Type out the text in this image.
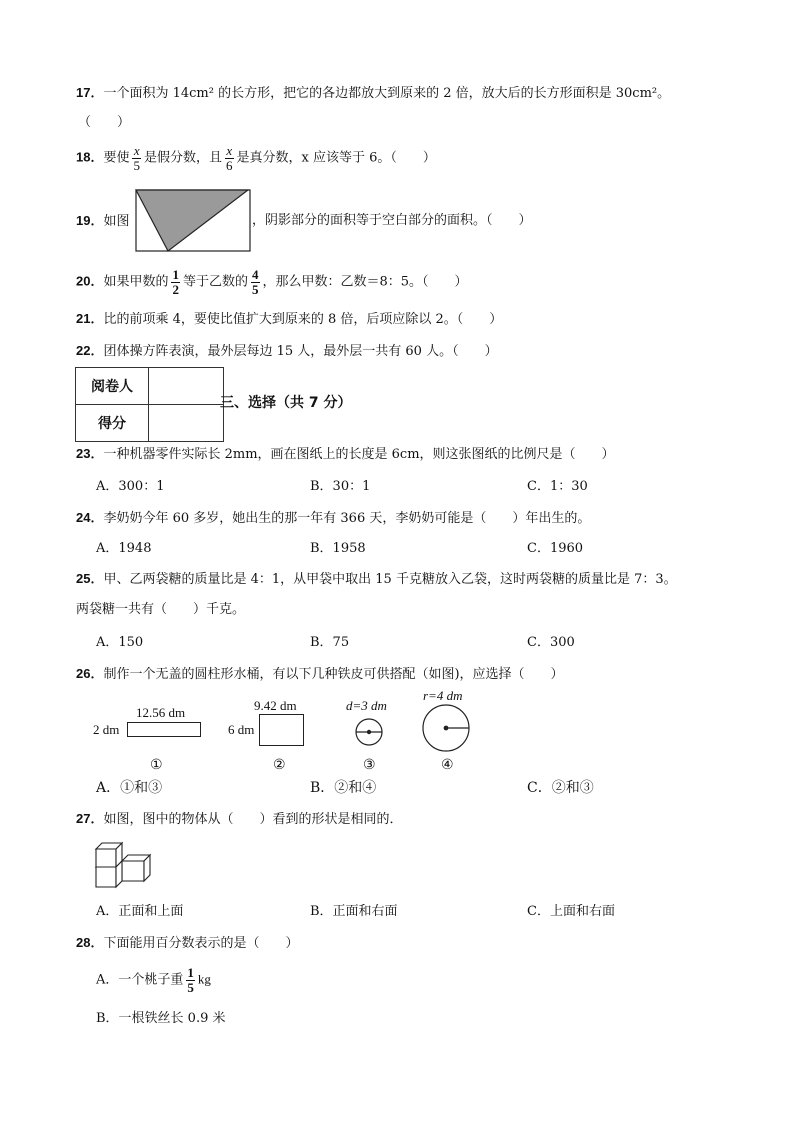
17．一个面积为 14cm² 的长方形，把它的各边都放大到原来的 2 倍，放大后的长方形面积是 30cm²。
（　　）
18．要使 $\frac{x}{5}$ 是假分数，且 $\frac{x}{6}$ 是真分数，x 应该等于 6。（　　）
19．如图	，阴影部分的面积等于空白部分的面积。（　　）
20．如果甲数的 $\frac{1}{2}$ 等于乙数的 $\frac{4}{5}$ ，那么甲数：乙数＝8：5。（　　）
21．比的前项乘 4，要使比值扩大到原来的 8 倍，后项应除以 2。（　　）
22．团体操方阵表演，最外层每边 15 人，最外层一共有 60 人。（　　）
阅卷人	
得分	
三、选择（共 7 分）
23．一种机器零件实际长 2mm，画在图纸上的长度是 6cm，则这张图纸的比例尺是（　　）
A．300：1	B．30：1	C．1：30
24．李奶奶今年 60 多岁，她出生的那一年有 366 天，李奶奶可能是（　　）年出生的。
A．1948	B．1958	C．1960
25．甲、乙两袋糖的质量比是 4：1，从甲袋中取出 15 千克糖放入乙袋，这时两袋糖的质量比是 7：3。
两袋糖一共有（　　）千克。
A．150	B．75	C．300
26．制作一个无盖的圆柱形水桶，有以下几种铁皮可供搭配（如图)，应选择（　　）
12.56 dm
2 dm
9.42 dm
6 dm
d=3 dm
r=4 dm
①	②	③	④
A．①和③	B．②和④	C．②和③
27．如图，图中的物体从（　　）看到的形状是相同的．
A．正面和上面	B．正面和右面	C．上面和右面
28．下面能用百分数表示的是（　　）
A．一个桃子重 $\frac{1}{5}$ kg
B．一根铁丝长 0.9 米
